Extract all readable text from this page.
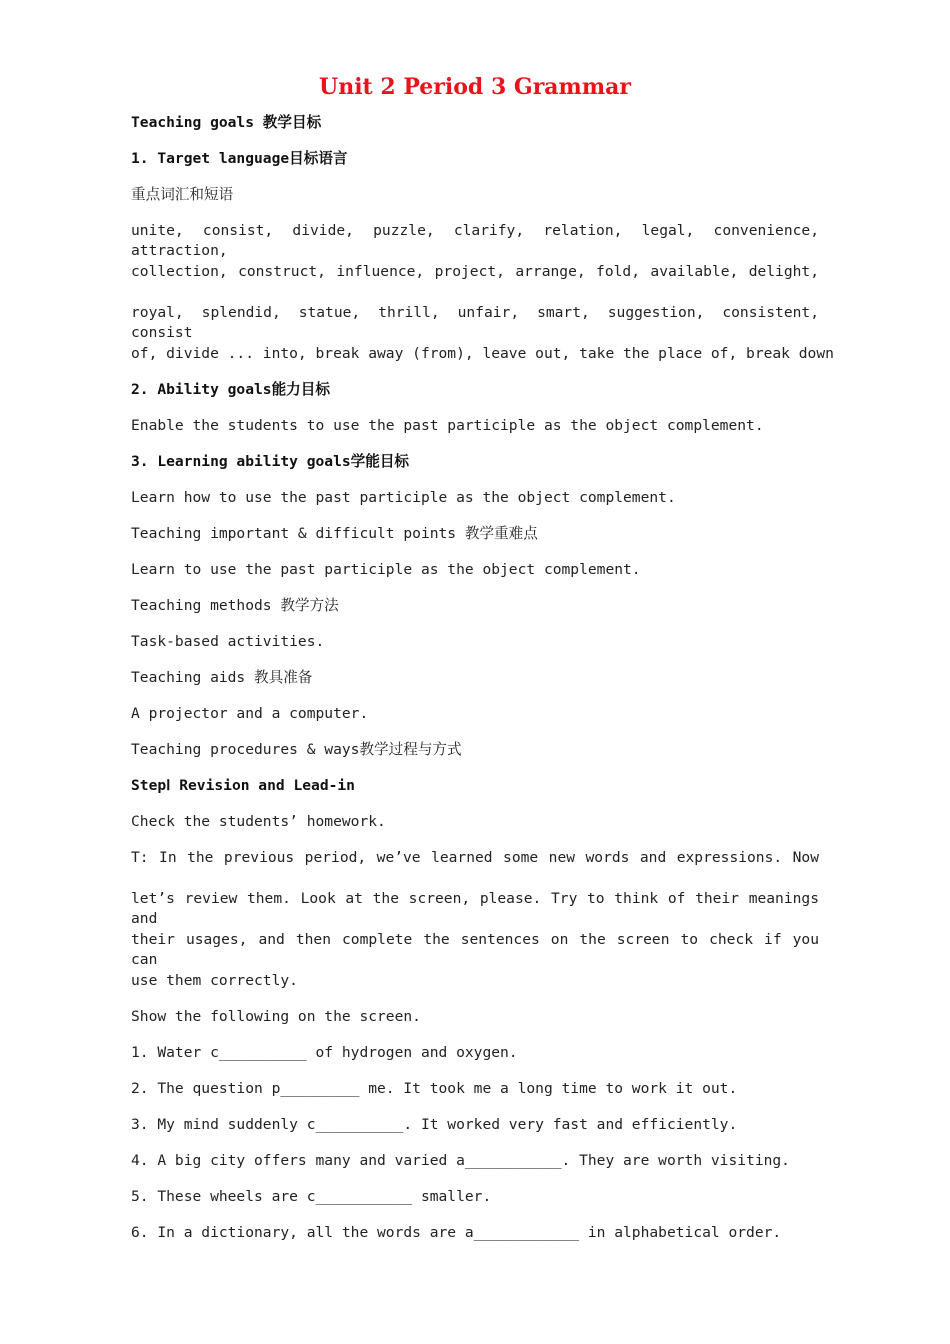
Unit 2 Period 3 Grammar

Teaching goals 教学目标

1. Target language目标语言

重点词汇和短语

unite, consist, divide, puzzle, clarify, relation, legal, convenience, attraction,

collection, construct, influence, project, arrange, fold, available, delight,

royal, splendid, statue, thrill, unfair, smart, suggestion, consistent, consist

of, divide ... into, break away (from), leave out, take the place of, break down

2. Ability goals能力目标

Enable the students to use the past participle as the object complement.

3. Learning ability goals学能目标

Learn how to use the past participle as the object complement.

Teaching important & difficult points 教学重难点

Learn to use the past participle as the object complement.

Teaching methods 教学方法

Task-based activities.

Teaching aids 教具准备

A projector and a computer.

Teaching procedures & ways教学过程与方式

StepⅠ Revision and Lead-in

Check the students’ homework.

T: In the previous period, we’ve learned some new words and expressions. Now

let’s review them. Look at the screen, please. Try to think of their meanings and

their usages, and then complete the sentences on the screen to check if you can

use them correctly.

Show the following on the screen.

1. Water c__________ of hydrogen and oxygen.

2. The question p_________ me. It took me a long time to work it out.

3. My mind suddenly c__________. It worked very fast and efficiently.

4. A big city offers many and varied a___________. They are worth visiting.

5. These wheels are c___________ smaller.

6. In a dictionary, all the words are a____________ in alphabetical order.
